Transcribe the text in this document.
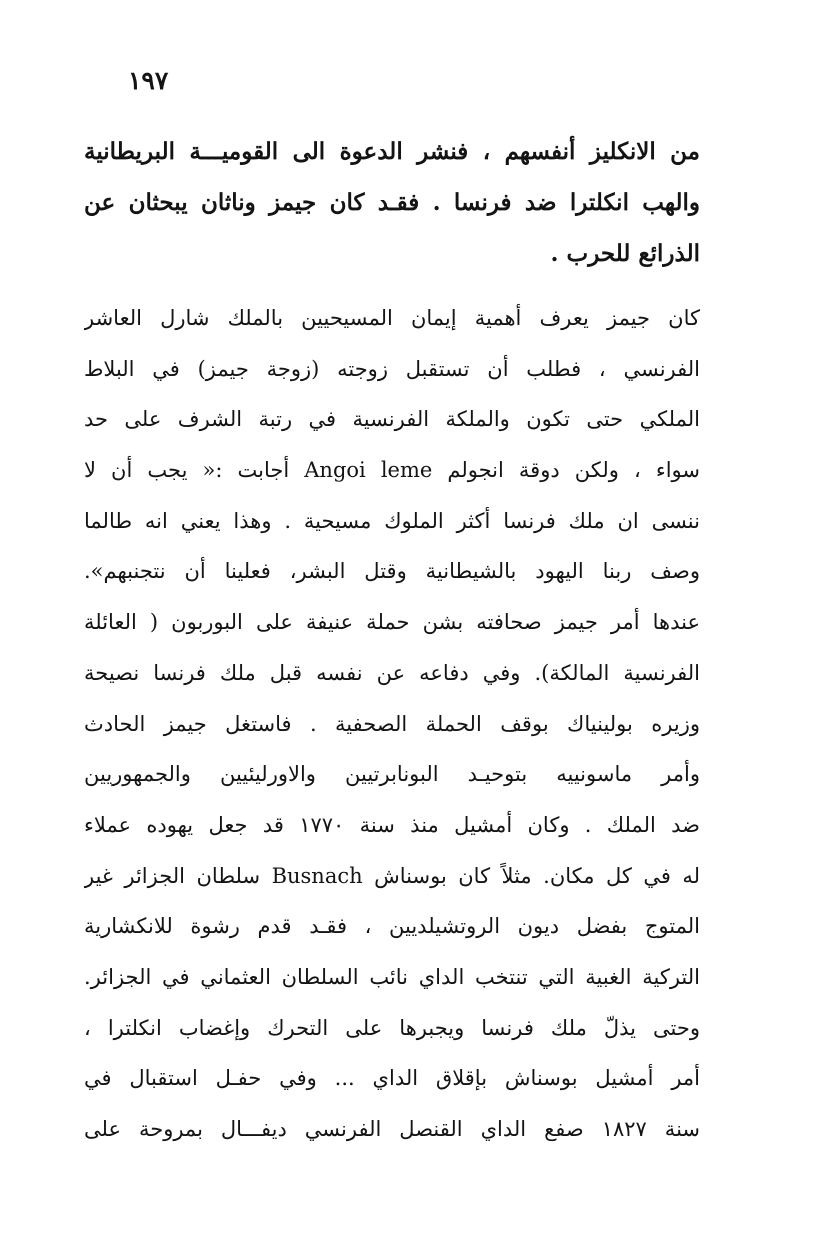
١٩٧
من الانكليز أنفسهم ، فنشر الدعوة الى القوميـــة البريطانية
والهب انكلترا ضد فرنسا . فقـد كان جيمز وناثان يبحثان عن
الذرائع للحرب .
كان جيمز يعرف أهمية إيمان المسيحيين بالملك شارل العاشر
الفرنسي ، فطلب أن تستقبل زوجته (زوجة جيمز) في البلاط
الملكي حتى تكون والملكة الفرنسية في رتبة الشرف على حد
سواء ، ولكن دوقة انجولم Angoi leme أجابت :« يجب أن لا
ننسى ان ملك فرنسا أكثر الملوك مسيحية . وهذا يعني انه طالما
وصف ربنا اليهود بالشيطانية وقتل البشر، فعلينا أن نتجنبهم».
عندها أمر جيمز صحافته بشن حملة عنيفة على البوربون ( العائلة
الفرنسية المالكة). وفي دفاعه عن نفسه قبل ملك فرنسا نصيحة
وزيره بولينياك بوقف الحملة الصحفية . فاستغل جيمز الحادث
وأمر ماسونييه بتوحيـد البونابرتيين والاورليئيين والجمهوريين
ضد الملك . وكان أمشيل منذ سنة ١٧٧٠ قد جعل يهوده عملاء
له في كل مكان. مثلاً كان بوسناش Busnach سلطان الجزائر غير
المتوج بفضل ديون الروتشيلديين ، فقـد قدم رشوة للانكشارية
التركية الغبية التي تنتخب الداي نائب السلطان العثماني في الجزائر.
وحتى يذلّ ملك فرنسا ويجبرها على التحرك وإغضاب انكلترا ،
أمر أمشيل بوسناش بإقلاق الداي ... وفي حفـل استقبال في
سنة ١٨٢٧ صفع الداي القنصل الفرنسي ديفـــال بمروحة على
